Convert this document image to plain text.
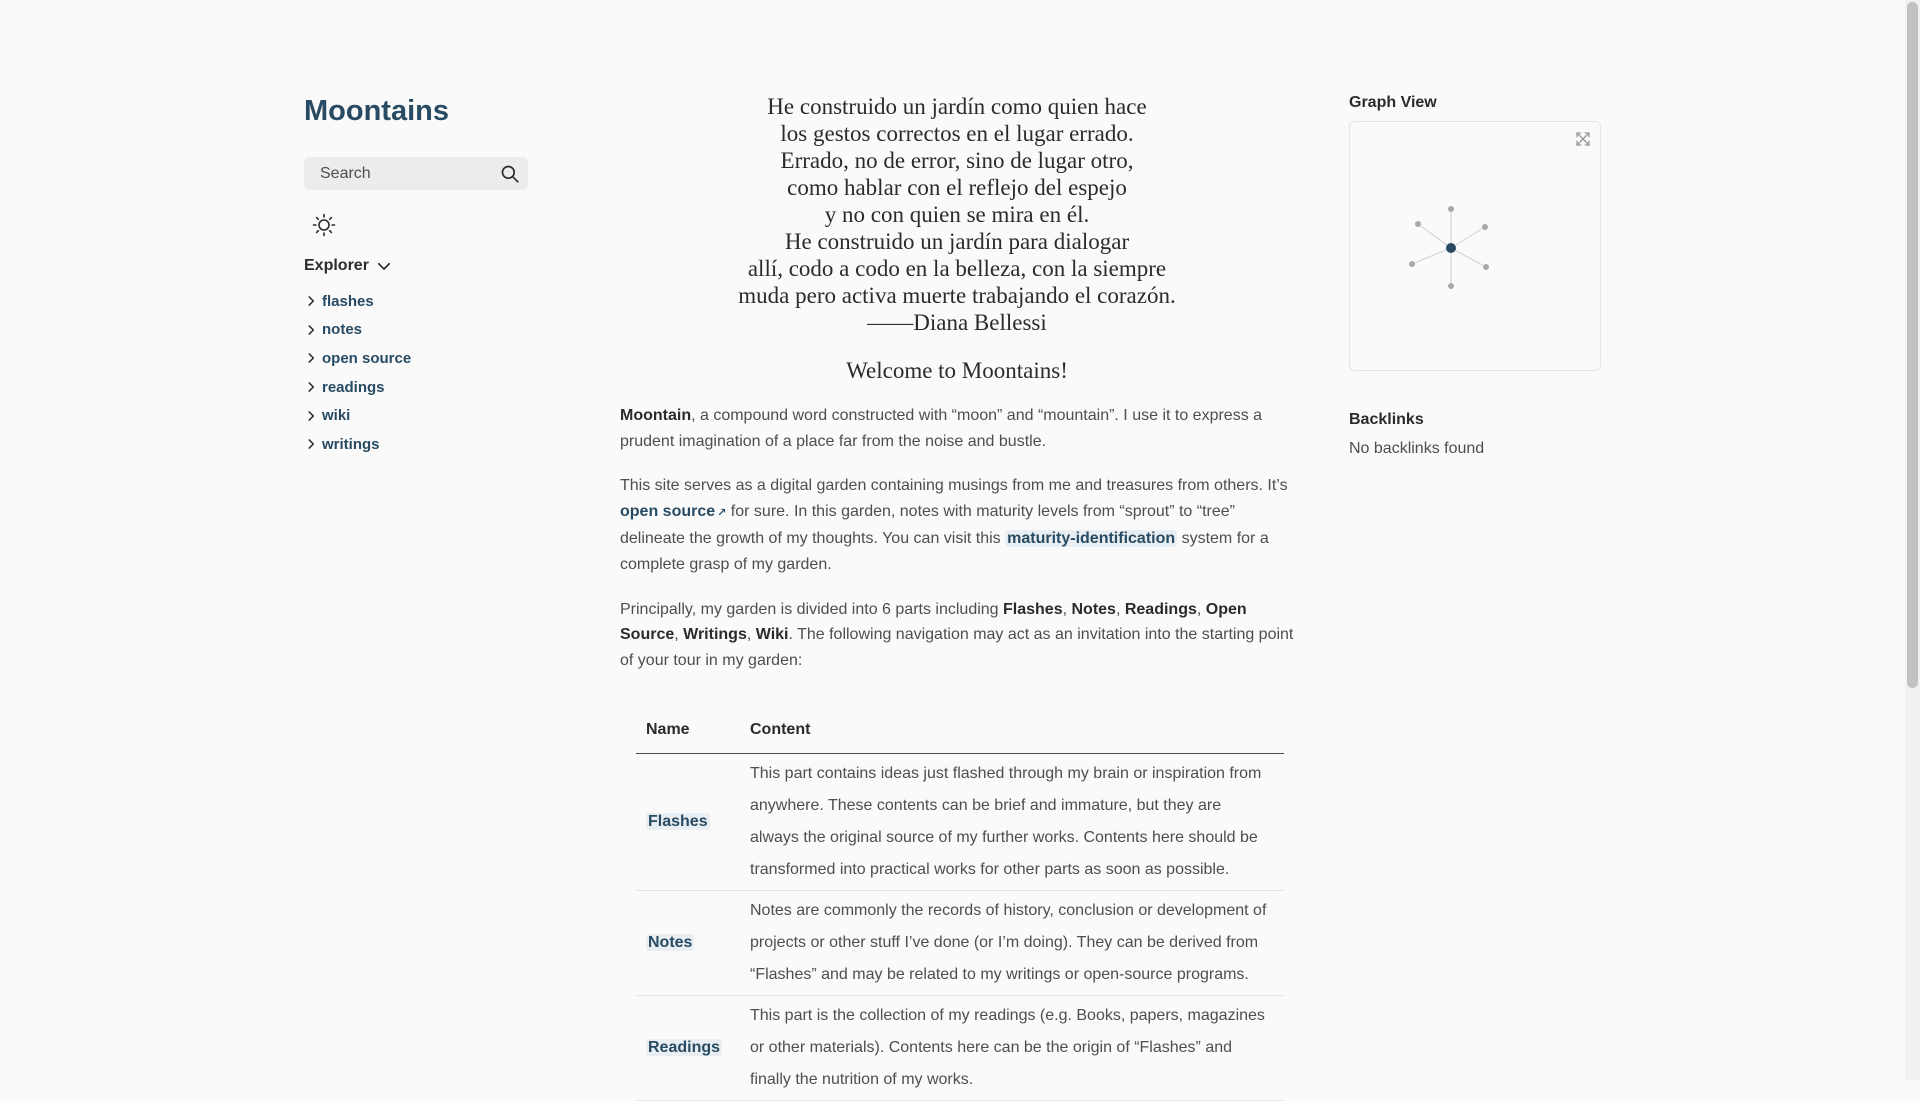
Moontains
Search
Explorer
flashes
notes
open source
readings
wiki
writings
He construido un jardín como quien hace
los gestos correctos en el lugar errado.
Errado, no de error, sino de lugar otro,
como hablar con el reflejo del espejo
y no con quien se mira en él.
He construido un jardín para dialogar
allí, codo a codo en la belleza, con la siempre
muda pero activa muerte trabajando el corazón.
——Diana Bellessi
Welcome to Moontains!

Moontain, a compound word constructed with “moon” and “mountain”. I use it to express a prudent imagination of a place far from the noise and bustle.

This site serves as a digital garden containing musings from me and treasures from others. It’s open source ↗ for sure. In this garden, notes with maturity levels from “sprout” to “tree” delineate the growth of my thoughts. You can visit this maturity-identification system for a complete grasp of my garden.

Principally, my garden is divided into 6 parts including Flashes, Notes, Readings, Open Source, Writings, Wiki. The following navigation may act as an invitation into the starting point of your tour in my garden:

Name	Content
Flashes	This part contains ideas just flashed through my brain or inspiration from anywhere. These contents can be brief and immature, but they are always the original source of my further works. Contents here should be transformed into practical works for other parts as soon as possible.
Notes	Notes are commonly the records of history, conclusion or development of projects or other stuff I’ve done (or I’m doing). They can be derived from “Flashes” and may be related to my writings or open-source programs.
Readings	This part is the collection of my readings (e.g. Books, papers, magazines or other materials). Contents here can be the origin of “Flashes” and finally the nutrition of my works.
Graph View
Backlinks
No backlinks found
